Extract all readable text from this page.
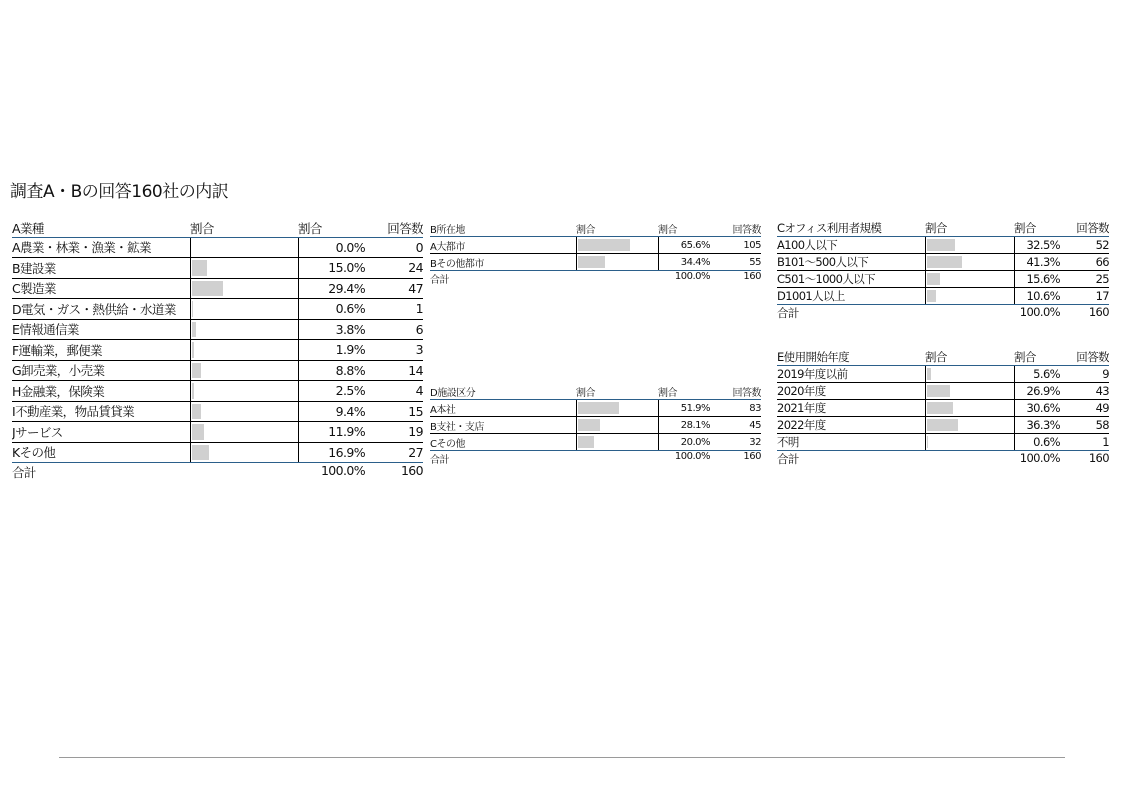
調査A・Bの回答160社の内訳
A業種	割合	割合	回答数
A農業・林業・漁業・鉱業		0.0%	0
B建設業		15.0%	24
C製造業		29.4%	47
D電気・ガス・熱供給・水道業		0.6%	1
E情報通信業		3.8%	6
F運輸業，郵便業		1.9%	3
G卸売業，小売業		8.8%	14
H金融業，保険業		2.5%	4
I不動産業，物品賃貸業		9.4%	15
Jサービス		11.9%	19
Kその他		16.9%	27
合計		100.0%	160
B所在地	割合	割合	回答数
A大都市		65.6%	105
Bその他都市		34.4%	55
合計		100.0%	160
D施設区分	割合	割合	回答数
A本社		51.9%	83
B支社・支店		28.1%	45
Cその他		20.0%	32
合計		100.0%	160
Cオフィス利用者規模	割合	割合	回答数
A100人以下		32.5%	52
B101～500人以下		41.3%	66
C501～1000人以下		15.6%	25
D1001人以上		10.6%	17
合計		100.0%	160
E使用開始年度	割合	割合	回答数
2019年度以前		5.6%	9
2020年度		26.9%	43
2021年度		30.6%	49
2022年度		36.3%	58
不明		0.6%	1
合計		100.0%	160
